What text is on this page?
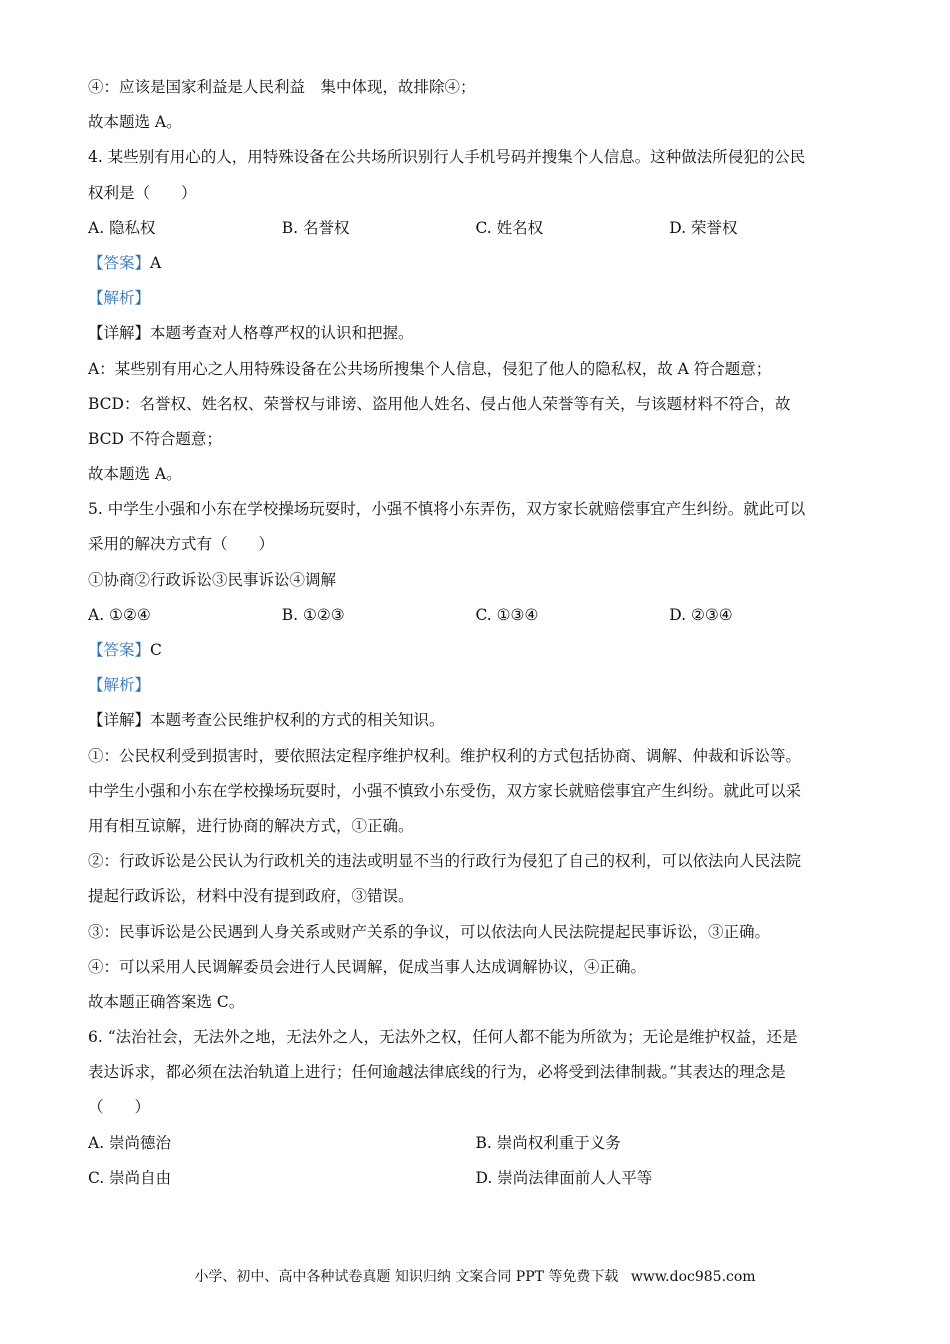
④：应该是国家利益是人民利益　集中体现，故排除④；
故本题选 A。
4. 某些别有用心的人，用特殊设备在公共场所识别行人手机号码并搜集个人信息。这种做法所侵犯的公民
权利是（　　）
A. 隐私权	B. 名誉权	C. 姓名权	D. 荣誉权
【答案】A
【解析】
【详解】本题考查对人格尊严权的认识和把握。
A：某些别有用心之人用特殊设备在公共场所搜集个人信息，侵犯了他人的隐私权，故 A 符合题意；
BCD：名誉权、姓名权、荣誉权与诽谤、盗用他人姓名、侵占他人荣誉等有关，与该题材料不符合，故
BCD 不符合题意；
故本题选 A。
5. 中学生小强和小东在学校操场玩耍时，小强不慎将小东弄伤，双方家长就赔偿事宜产生纠纷。就此可以
采用的解决方式有（　　）
①协商②行政诉讼③民事诉讼④调解
A. ①②④	B. ①②③	C. ①③④	D. ②③④
【答案】C
【解析】
【详解】本题考查公民维护权利的方式的相关知识。
①：公民权利受到损害时，要依照法定程序维护权利。维护权利的方式包括协商、调解、仲裁和诉讼等。
中学生小强和小东在学校操场玩耍时，小强不慎致小东受伤，双方家长就赔偿事宜产生纠纷。就此可以采
用有相互谅解，进行协商的解决方式，①正确。
②：行政诉讼是公民认为行政机关的违法或明显不当的行政行为侵犯了自己的权利，可以依法向人民法院
提起行政诉讼，材料中没有提到政府，③错误。
③：民事诉讼是公民遇到人身关系或财产关系的争议，可以依法向人民法院提起民事诉讼，③正确。
④：可以采用人民调解委员会进行人民调解，促成当事人达成调解协议，④正确。
故本题正确答案选 C。
6. “法治社会，无法外之地，无法外之人，无法外之权，任何人都不能为所欲为；无论是维护权益，还是
表达诉求，都必须在法治轨道上进行；任何逾越法律底线的行为，必将受到法律制裁。”其表达的理念是
（　　）
A. 崇尚德治	B. 崇尚权利重于义务
C. 崇尚自由	D. 崇尚法律面前人人平等
小学、初中、高中各种试卷真题 知识归纳 文案合同 PPT 等免费下载 www.doc985.com
